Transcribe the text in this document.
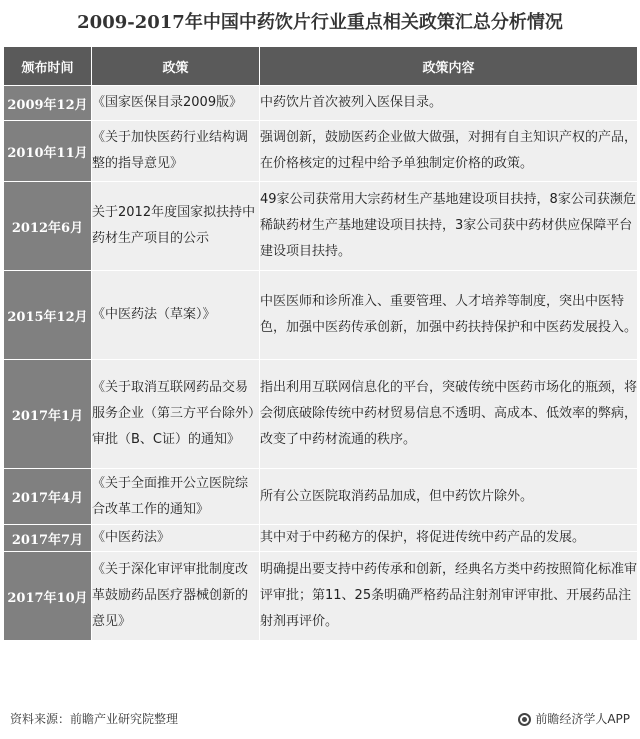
2009-2017年中国中药饮片行业重点相关政策汇总分析情况
颁布时间	政策	政策内容
2009年12月	《国家医保目录2009版》	中药饮片首次被列入医保目录。
2010年11月	《关于加快医药行业结构调整的指导意见》	强调创新，鼓励医药企业做大做强，对拥有自主知识产权的产品，在价格核定的过程中给予单独制定价格的政策。
2012年6月	关于2012年度国家拟扶持中药材生产项目的公示	49家公司获常用大宗药材生产基地建设项目扶持，8家公司获濒危稀缺药材生产基地建设项目扶持，3家公司获中药材供应保障平台建设项目扶持。
2015年12月	《中医药法（草案）》	中医医师和诊所准入、重要管理、人才培养等制度，突出中医特色，加强中医药传承创新，加强中药扶持保护和中医药发展投入。
2017年1月	《关于取消互联网药品交易服务企业（第三方平台除外）审批（B、C证）的通知》	指出利用互联网信息化的平台，突破传统中医药市场化的瓶颈，将会彻底破除传统中药材贸易信息不透明、高成本、低效率的弊病，改变了中药材流通的秩序。
2017年4月	《关于全面推开公立医院综合改革工作的通知》	所有公立医院取消药品加成，但中药饮片除外。
2017年7月	《中医药法》	其中对于中药秘方的保护，将促进传统中药产品的发展。
2017年10月	《关于深化审评审批制度改革鼓励药品医疗器械创新的意见》	明确提出要支持中药传承和创新，经典名方类中药按照简化标准审评审批；第11、25条明确严格药品注射剂审评审批、开展药品注射剂再评价。
资料来源：前瞻产业研究院整理	前瞻经济学人APP
